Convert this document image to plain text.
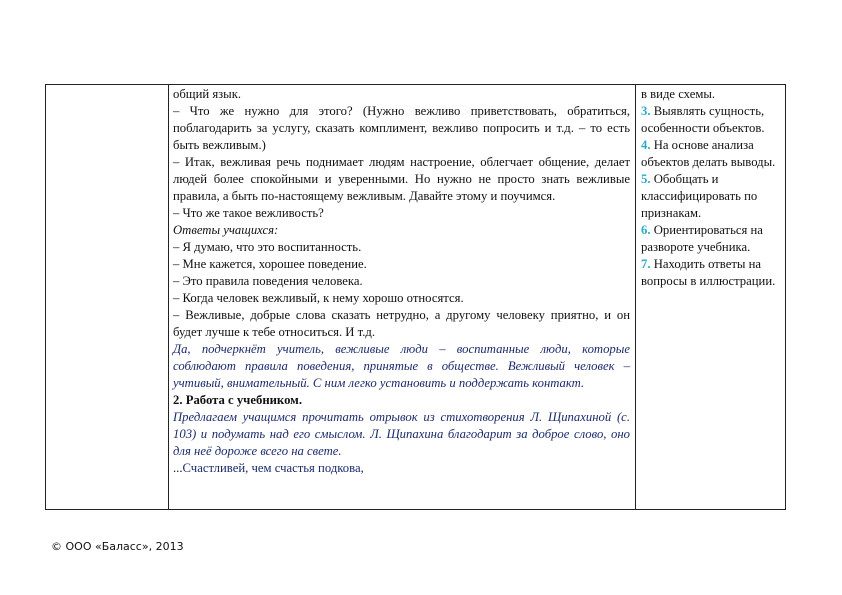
общий язык.

– Что же нужно для этого? (Нужно вежливо приветствовать, обратиться, поблагодарить за услугу, сказать комплимент, вежливо попросить и т.д. – то есть быть вежливым.)

– Итак, вежливая речь поднимает людям настроение, облегчает общение, делает людей более спокойными и уверенными. Но нужно не просто знать вежливые правила, а быть по-настоящему вежливым. Давайте этому и поучимся.

– Что же такое вежливость?

Ответы учащихся:

– Я думаю, что это воспитанность.

– Мне кажется, хорошее поведение.

– Это правила поведения человека.

– Когда человек вежливый, к нему хорошо относятся.

– Вежливые, добрые слова сказать нетрудно, а другому человеку приятно, и он будет лучше к тебе относиться. И т.д.

Да, подчеркнёт учитель, вежливые люди – воспитанные люди, которые соблюдают правила поведения, принятые в обществе. Вежливый человек – учтивый, внимательный. С ним легко установить и поддержать контакт.

2. Работа с учебником.

Предлагаем учащимся прочитать отрывок из стихотворения Л. Щипахиной (с. 103) и подумать над его смыслом. Л. Щипахина благодарит за доброе слово, оно для неё дороже всего на свете.

...Счастливей, чем счастья подкова,

в виде схемы.

3. Выявлять сущность, особенности объектов.

4. На основе анализа объектов делать выводы.

5. Обобщать и классифицировать по признакам.

6. Ориентироваться на развороте учебника.

7. Находить ответы на вопросы в иллюстрации.

© ООО «Баласс», 2013
